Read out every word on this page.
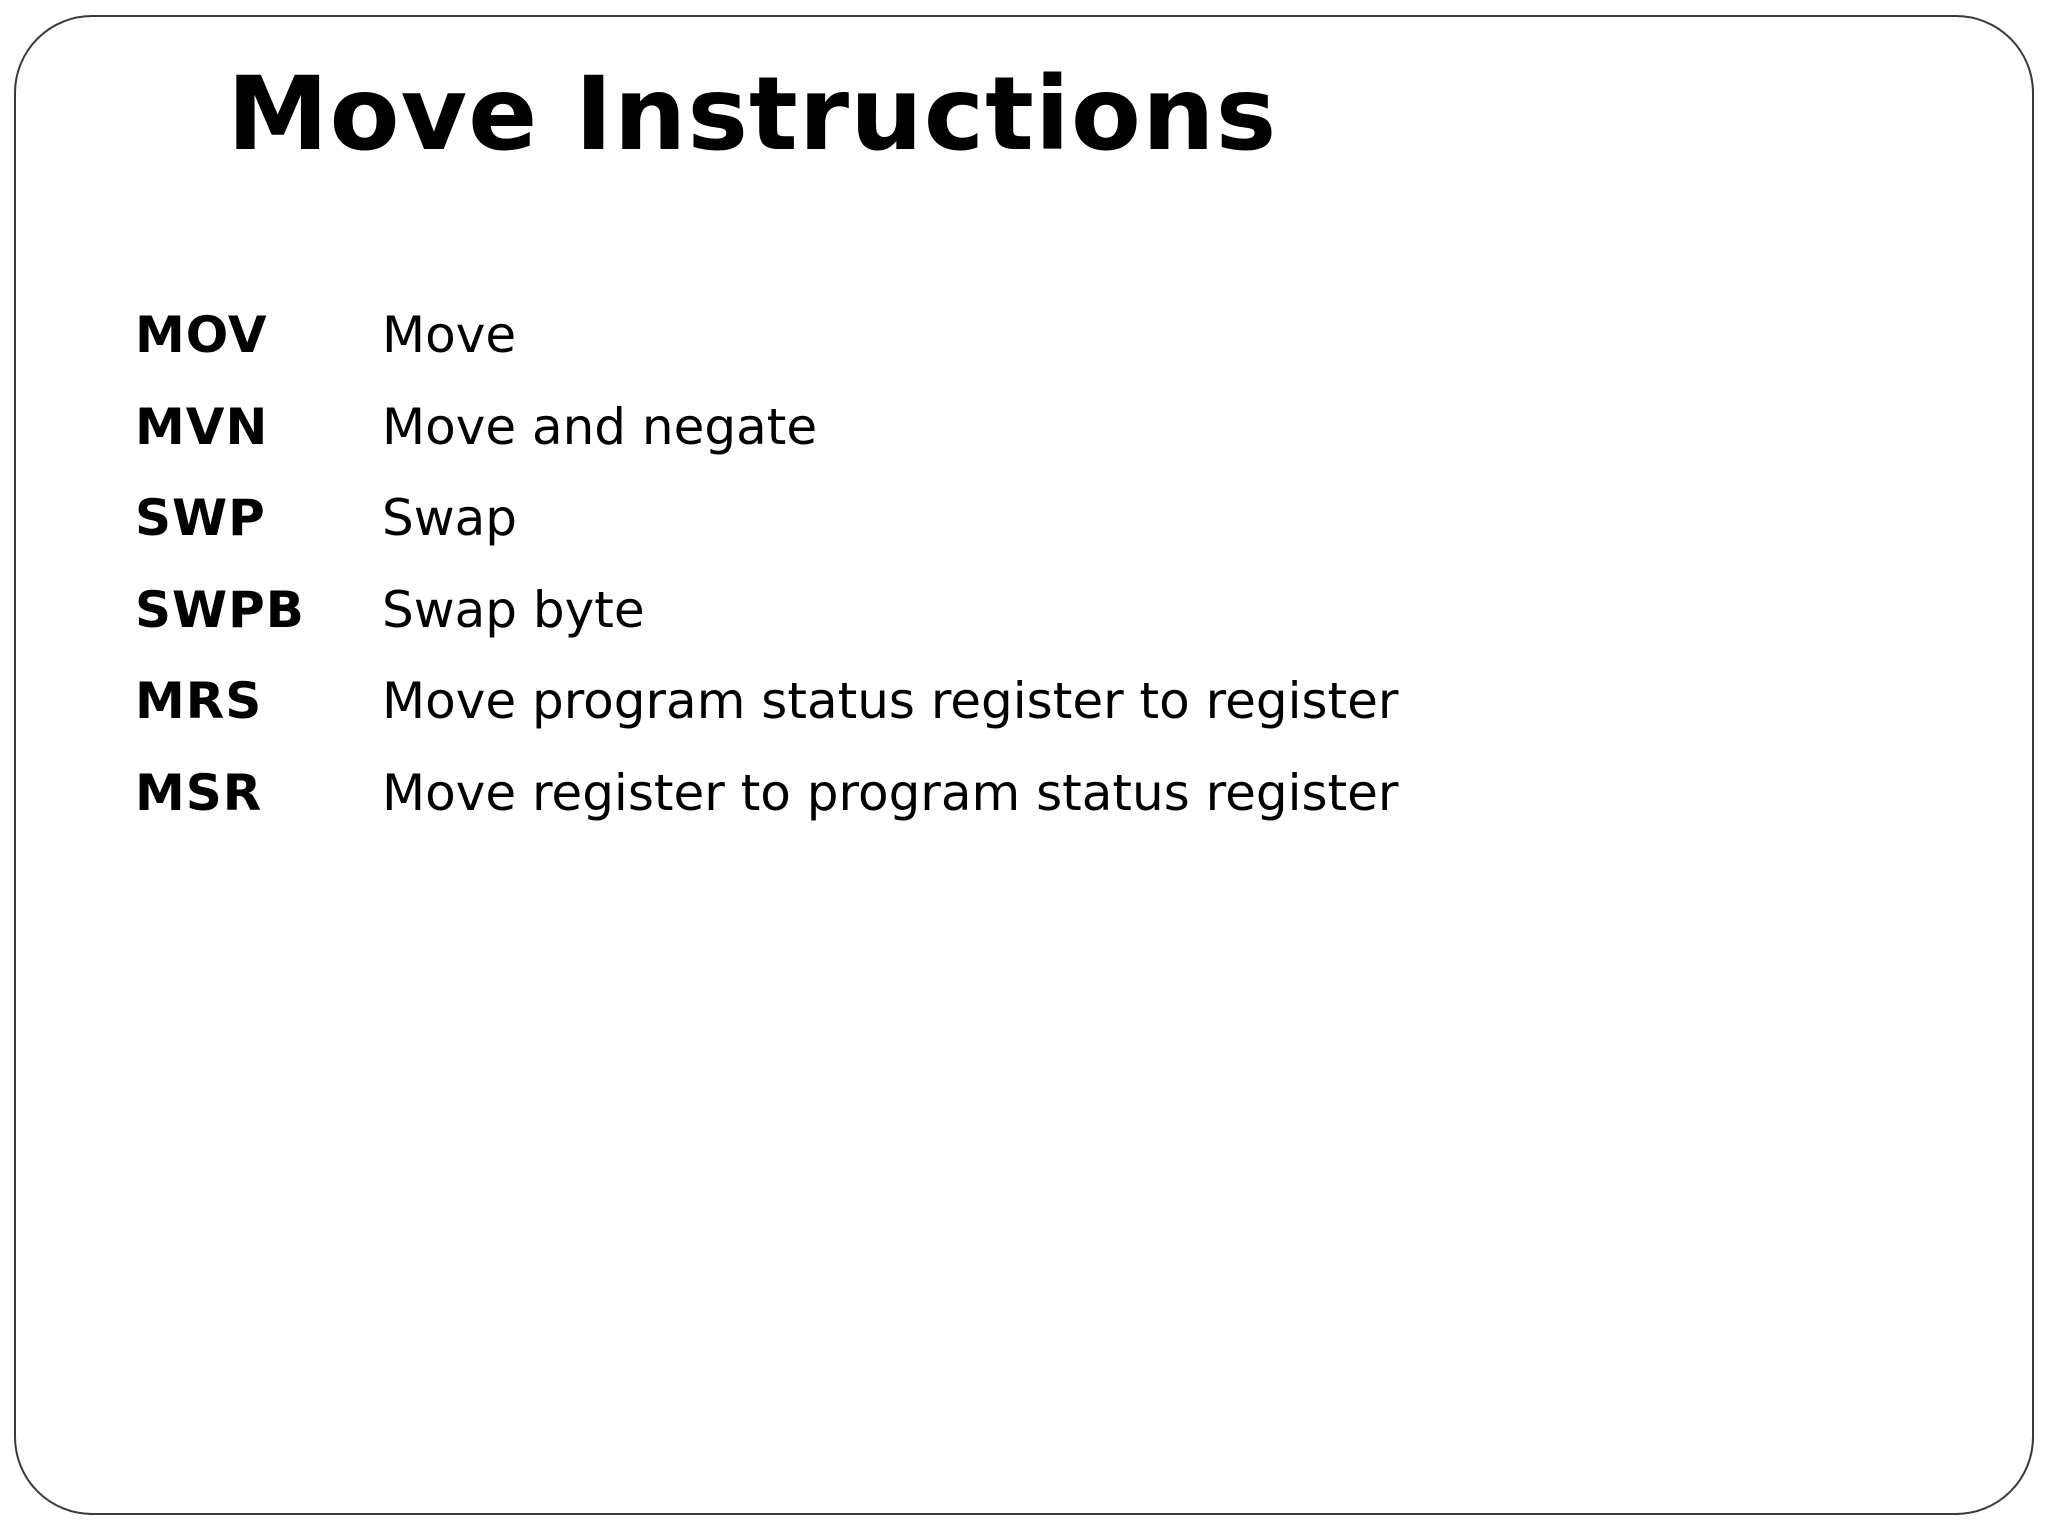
Move Instructions
MOV	Move
MVN	Move and negate
SWP	Swap
SWPB	Swap byte
MRS	Move program status register to register
MSR	Move register to program status register
